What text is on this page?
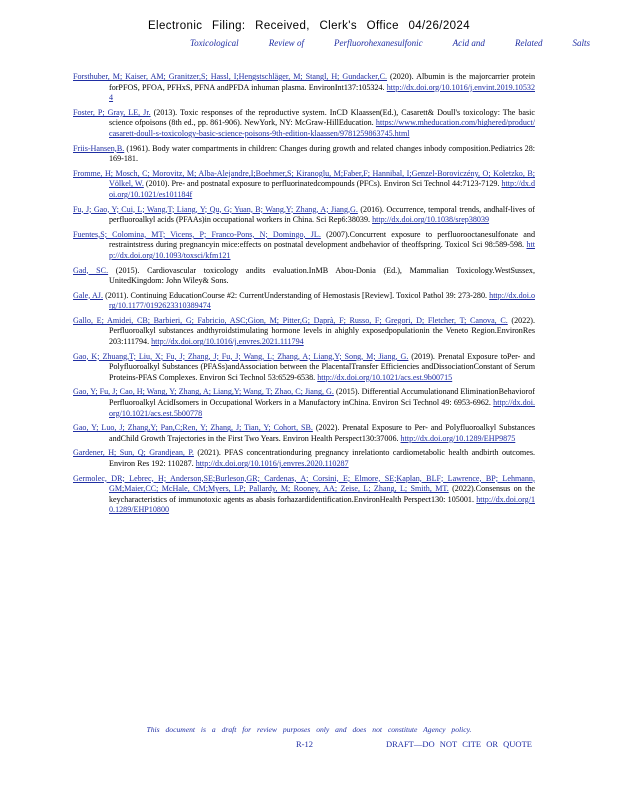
Electronic Filing: Received, Clerk's Office 04/26/2024
Toxicological	Review of	Perfluorohexanesulfonic	Acid and	Related	Salts

Forsthuber, M; Kaiser, AM; Granitzer,S; Hassl, I;Hengstschläger, M; Stangl, H; Gundacker,C. (2020). Albumin is the majorcarrier protein forPFOS, PFOA, PFHxS, PFNA andPFDA inhuman plasma. EnvironInt137:105324. http://dx.doi.org/10.1016/j.envint.2019.105324

Foster, P; Gray, LE, Jr. (2013). Toxic responses of the reproductive system. InCD Klaassen(Ed.), Casarett& Doull's toxicology: The basic science ofpoisons (8th ed., pp. 861-906). NewYork, NY: McGraw-HillEducation. https://www.mheducation.com/highered/product/casarett-doull-s-toxicology-basic-science-poisons-9th-edition-klaassen/9781259863745.html

Friis-Hansen,B. (1961). Body water compartments in children: Changes during growth and related changes inbody composition.Pediatrics 28: 169-181.

Fromme, H; Mosch, C; Morovitz, M; Alba-Alejandre,I;Boehmer,S; Kiranoglu, M;Faber,F; Hannibal, I;Genzel-Boroviczény, O; Koletzko, B; Völkel, W. (2010). Pre- and postnatal exposure to perfluorinatedcompounds (PFCs). Environ Sci Technol 44:7123-7129. http://dx.doi.org/10.1021/es101184f

Fu, J; Gao, Y; Cui, L; Wang,T; Liang, Y; Qu, G; Yuan, B; Wang,Y; Zhang, A; Jiang,G. (2016). Occurrence, temporal trends, andhalf-lives of perfluoroalkyl acids (PFAAs)in occupational workers in China. Sci Rep6:38039. http://dx.doi.org/10.1038/srep38039

Fuentes,S; Colomina, MT; Vicens, P; Franco-Pons, N; Domingo, JL. (2007).Concurrent exposure to perfluorooctanesulfonate and restraintstress during pregnancyin mice:effects on postnatal development andbehavior of theoffspring. Toxicol Sci 98:589-598. http://dx.doi.org/10.1093/toxsci/kfm121

Gad, SC. (2015). Cardiovascular toxicology andits evaluation.InMB Abou-Donia (Ed.), Mammalian Toxicology.WestSussex, UnitedKingdom: John Wiley& Sons.

Gale, AJ. (2011). Continuing EducationCourse #2: CurrentUnderstanding of Hemostasis [Review]. Toxicol Pathol 39: 273-280. http://dx.doi.org/10.1177/0192623310389474

Gallo, E; Amidei, CB; Barbieri, G; Fabricio, ASC;Gion, M; Pitter,G; Daprà, F; Russo, F; Gregori, D; Fletcher, T; Canova, C. (2022). Perfluoroalkyl substances andthyroidstimulating hormone levels in ahighly exposedpopulationin the Veneto Region.EnvironRes 203:111794. http://dx.doi.org/10.1016/j.envres.2021.111794

Gao, K; Zhuang,T; Liu, X; Fu, J; Zhang, J; Fu, J; Wang, L; Zhang, A; Liang,Y; Song, M; Jiang, G. (2019). Prenatal Exposure toPer- and Polyfluoroalkyl Substances (PFASs)andAssociation between the PlacentalTransfer Efficiencies andDissociationConstant of Serum Proteins-PFAS Complexes. Environ Sci Technol 53:6529-6538. http://dx.doi.org/10.1021/acs.est.9b00715

Gao, Y; Fu, J; Cao, H; Wang, Y; Zhang, A; Liang,Y; Wang, T; Zhao, C; Jiang, G. (2015). Differential Accumulationand EliminationBehaviorof Perfluoroalkyl AcidIsomers in Occupational Workers in a Manufactory inChina. Environ Sci Technol 49: 6953-6962. http://dx.doi.org/10.1021/acs.est.5b00778

Gao, Y; Luo, J; Zhang,Y; Pan,C;Ren, Y; Zhang, J; Tian, Y; Cohort, SB. (2022). Prenatal Exposure to Per- and Polyfluoroalkyl Substances andChild Growth Trajectories in the First Two Years. Environ Health Perspect130:37006. http://dx.doi.org/10.1289/EHP9875

Gardener, H; Sun, Q; Grandjean, P. (2021). PFAS concentrationduring pregnancy inrelationto cardiometabolic health andbirth outcomes. Environ Res 192: 110287. http://dx.doi.org/10.1016/j.envres.2020.110287

Germolec, DR; Lebrec, H; Anderson,SE;Burleson,GR; Cardenas, A; Corsini, E; Elmore, SE;Kaplan, BLF; Lawrence, BP; Lehmann, GM;Maier,CC; McHale, CM;Myers, LP; Pallardy, M; Rooney, AA; Zeise, L; Zhang, L; Smith, MT. (2022).Consensus on the keycharacteristics of immunotoxic agents as abasis forhazardidentification.EnvironHealth Perspect130: 105001. http://dx.doi.org/10.1289/EHP10800

This document is a draft for review purposes only and does not constitute Agency policy.
R-12	DRAFT—DO NOT CITE OR QUOTE
